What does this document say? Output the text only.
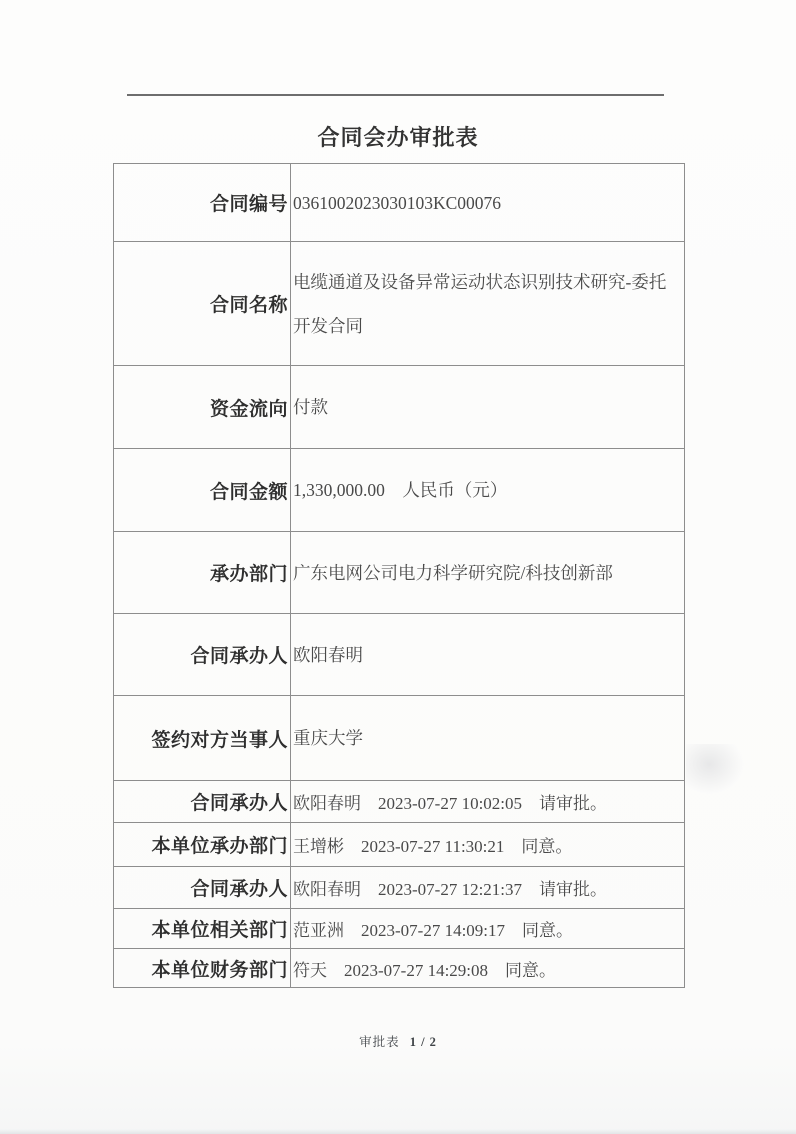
合同会办审批表
合同编号	0361002023030103KC00076
合同名称	电缆通道及设备异常运动状态识别技术研究-委托开发合同
资金流向	付款
合同金额	1,330,000.00    人民币（元）
承办部门	广东电网公司电力科学研究院/科技创新部
合同承办人	欧阳春明
签约对方当事人	重庆大学
合同承办人	欧阳春明    2023-07-27 10:02:05    请审批。
本单位承办部门	王增彬    2023-07-27 11:30:21    同意。
合同承办人	欧阳春明    2023-07-27 12:21:37    请审批。
本单位相关部门	范亚洲    2023-07-27 14:09:17    同意。
本单位财务部门	符天    2023-07-27 14:29:08    同意。
审批表 1 / 2
